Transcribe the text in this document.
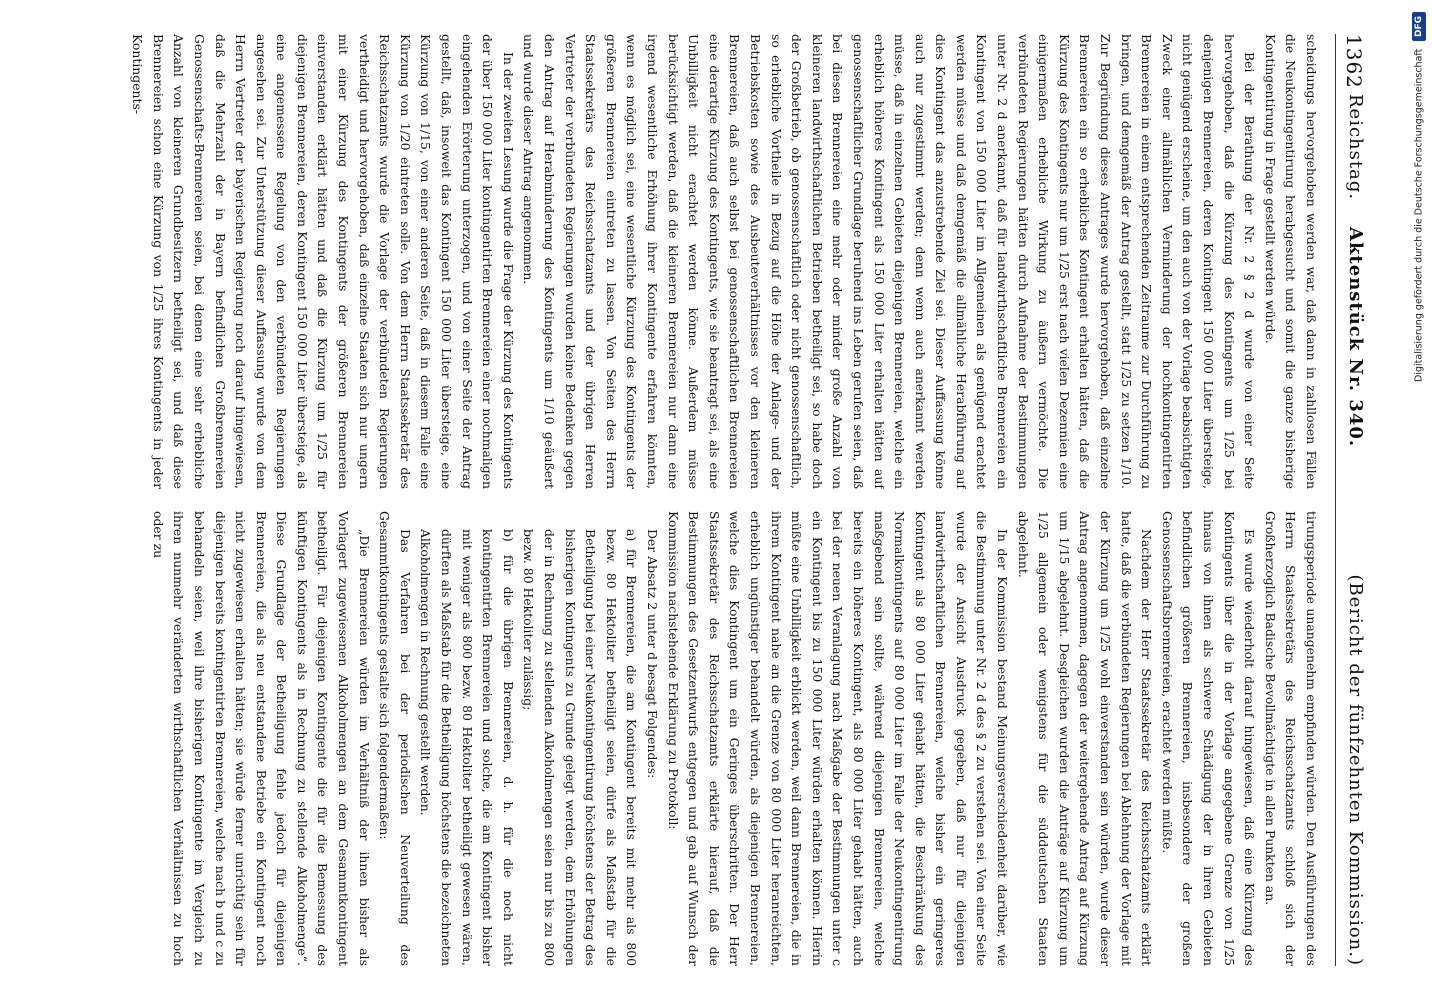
1362
Reichstag.    Aktenstück Nr. 340.
(Bericht der fünfzehnten Kommission.)

scheidungs hervorgehoben werden war, daß dann in zahllosen Fällen die Neukontingentirung herabgesucht und somit die ganze bisherige Kontingentirung in Frage gestellt werden würde.

Bei der Berathung der Nr. 2 § 2 d wurde von einer Seite hervorgehoben, daß die Kürzung des Kontingents um 1/25 bei denjenigen Brennereien, deren Kontingent 150 000 Liter übersteige, nicht genügend erscheine, um den auch von der Vorlage beabsichtigten Zweck einer allmählichen Verminderung der hochkontingentirten Brennereien in einem entsprechenden Zeitraume zur Durchführung zu bringen, und demgemäß der Antrag gestellt, statt 1/25 zu setzen 1/10. Zur Begründung dieses Antrages wurde hervorgehoben, daß einzelne Brennereien ein so erhebliches Kontingent erhalten hätten, daß die Kürzung des Kontingents nur um 1/25 erst nach vielen Dezennien eine einigermaßen erhebliche Wirkung zu äußern vermöchte. Die verbündeten Regierungen hätten durch Aufnahme der Bestimmungen unter Nr. 2 d anerkannt, daß für landwirthschaftliche Brennereien ein Kontingent von 150 000 Liter im Allgemeinen als genügend erachtet werden müsse und daß demgemäß die allmähliche Herabführung auf dies Kontingent das anzustrebende Ziel sei. Dieser Auffassung könne auch nur zugestimmt werden; denn wenn auch anerkannt werden müsse, daß in einzelnen Gebieten diejenigen Brennereien, welche ein erheblich höheres Kontingent als 150 000 Liter erhalten hätten auf genossenschaftlicher Grundlage beruhend ins Leben gerufen seien, daß bei diesen Brennereien eine mehr oder minder große Anzahl von kleineren landwirthschaftlichen Betrieben betheiligt sei, so habe doch der Großbetrieb, ob genossenschaftlich oder nicht genossenschaftlich, so erhebliche Vortheile in Bezug auf die Höhe der Anlage- und der Betriebskosten sowie des Ausbeuteverhältnisses vor den kleineren Brennereien, daß auch selbst bei genossenschaftlichen Brennereien eine derartige Kürzung des Kontingents, wie sie beantragt sei, als eine Unbilligkeit nicht erachtet werden könne. Außerdem müsse berücksichtigt werden, daß die kleineren Brennereien nur dann eine irgend wesentliche Erhöhung ihrer Kontingente erfahren könnten, wenn es möglich sei, eine wesentliche Kürzung des Kontingents der größeren Brennereien eintreten zu lassen. Von Seiten des Herrn Staatssekretärs des Reichsschatzamts und der übrigen Herren Vertreter der verbündeten Regierungen wurden keine Bedenken gegen den Antrag auf Herabminderung des Kontingents um 1/10 geäußert und wurde dieser Antrag angenommen.

In der zweiten Lesung wurde die Frage der Kürzung des Kontingents der über 150 000 Liter kontingentirten Brennereien einer nochmaligen eingehenden Erörterung unterzogen, und von einer Seite der Antrag gestellt, daß, insoweit das Kontingent 150 000 Liter übersteige, eine Kürzung von 1/15, von einer anderen Seite, daß in diesem Falle eine Kürzung von 1/20 eintreten solle. Von dem Herrn Staatssekretär des Reichsschatzamts wurde die Vorlage der verbündeten Regierungen vertheidigt und hervorgehoben, daß einzelne Staaten sich nur ungern mit einer Kürzung des Kontingents der größeren Brennereien einverstanden erklärt hätten und daß die Kürzung um 1/25 für diejenigen Brennereien, deren Kontingent 150 000 Liter übersteige, als eine angemessene Regelung von den verbündeten Regierungen angesehen sei. Zur Unterstützung dieser Auffassung wurde von dem Herrn Vertreter der bayerischen Regierung noch darauf hingewiesen, daß die Mehrzahl der in Bayern befindlichen Großbrennereien Genossenschafts-Brennereien seien, bei denen eine sehr erhebliche Anzahl von kleineren Grundbesitzern betheiligt sei, und daß diese Brennereien schon eine Kürzung von 1/25 ihres Kontingents in jeder Kontingents-

tirungsperiode unangenehm empfinden würden. Den Ausführungen des Herrn Staatssekretärs des Reichsschatzamts schloß sich der Großherzoglich Badische Bevollmächtigte in allen Punkten an.

Es wurde wiederholt darauf hingewiesen, daß eine Kürzung des Kontingents über die in der Vorlage angegebene Grenze von 1/25 hinaus von ihnen als schwere Schädigung der in ihren Gebieten befindlichen größeren Brennereien, insbesondere der großen Genossenschaftsbrennereien, erachtet werden müßte.

Nachdem der Herr Staatssekretär des Reichsschatzamts erklärt hatte, daß die verbündeten Regierungen bei Ablehnung der Vorlage mit der Kürzung um 1/25 wohl einverstanden sein würden, wurde dieser Antrag angenommen, dagegen der weitergehende Antrag auf Kürzung um 1/15 abgelehnt. Desgleichen wurden die Anträge auf Kürzung um 1/25 allgemein oder wenigstens für die süddeutschen Staaten abgelehnt.

In der Kommission bestand Meinungsverschiedenheit darüber, wie die Bestimmung unter Nr. 2 d des § 2 zu verstehen sei. Von einer Seite wurde der Ansicht Ausdruck gegeben, daß nur für diejenigen landwirthschaftlichen Brennereien, welche bisher ein geringeres Kontingent als 80 000 Liter gehabt hätten, die Beschränkung des Normalkontingents auf 80 000 Liter im Falle der Neukontingentirung maßgebend sein sollte, während diejenigen Brennereien, welche bereits ein höheres Kontingent, als 80 000 Liter gehabt hätten, auch bei der neuen Veranlagung nach Maßgabe der Bestimmungen unter c ein Kontingent bis zu 150 000 Liter würden erhalten können. Hierin müßte eine Unbilligkeit erblickt werden, weil dann Brennereien, die in ihrem Kontingent nahe an die Grenze von 80 000 Liter heranreichten, erheblich ungünstiger behandelt würden, als diejenigen Brennereien, welche dies Kontingent um ein Geringes überschritten. Der Herr Staatssekretär des Reichsschatzamts erklärte hierauf, daß die Bestimmungen des Gesetzentwurfs entgegen und gab auf Wunsch der Kommission nachstehende Erklärung zu Protokoll:

Der Absatz 2 unter d besagt Folgendes:

a) für Brennereien, die am Kontingent bereits mit mehr als 800 bezw. 80 Hektoliter betheiligt seien, dürfe als Maßstab für die Betheiligung bei einer Neukontingentirung höchstens der Betrag des bisherigen Kontingents zu Grunde gelegt werden, dem Erhöhungen der in Rechnung zu stellenden Alkoholmengen seien nur bis zu 800 bezw. 80 Hektoliter zulässig;
b) für die übrigen Brennereien, d. h. für die noch nicht kontingentirten Brennereien und solche, die am Kontingent bisher mit weniger als 800 bezw. 80 Hektoliter betheiligt gewesen wären, dürften als Maßstab für die Betheiligung höchstens die bezeichneten Alkoholmengen in Rechnung gestellt werden.

Das Verfahren bei der periodischen Neuverteilung des Gesammtkontingents gestalte sich folgendermaßen:

„Die Brennereien würden im Verhältniß der ihnen bisher als Vorlagert zugewiesenen Alkoholmengen an dem Gesammtkontingent betheiligt. Für diejenigen Kontingente die für die Bemessung des künftigen Kontingents als in Rechnung zu stellende Alkoholmenge“. Diese Grundlage der Betheiligung fehle jedoch für diejenigen Brennereien, die als neu entstandene Betriebe ein Kontingent noch nicht zugewiesen erhalten hätten; sie würde ferner unrichtig sein für diejenigen bereits kontingentirten Brennereien, welche nach b und c zu behandeln seien, weil ihre bisherigen Kontingente im Vergleich zu ihren nunmehr veränderten wirthschaftlichen Verhältnissen zu hoch oder zu

Digitalisierung gefördert durch die Deutsche Forschungsgemeinschaft
DFG
